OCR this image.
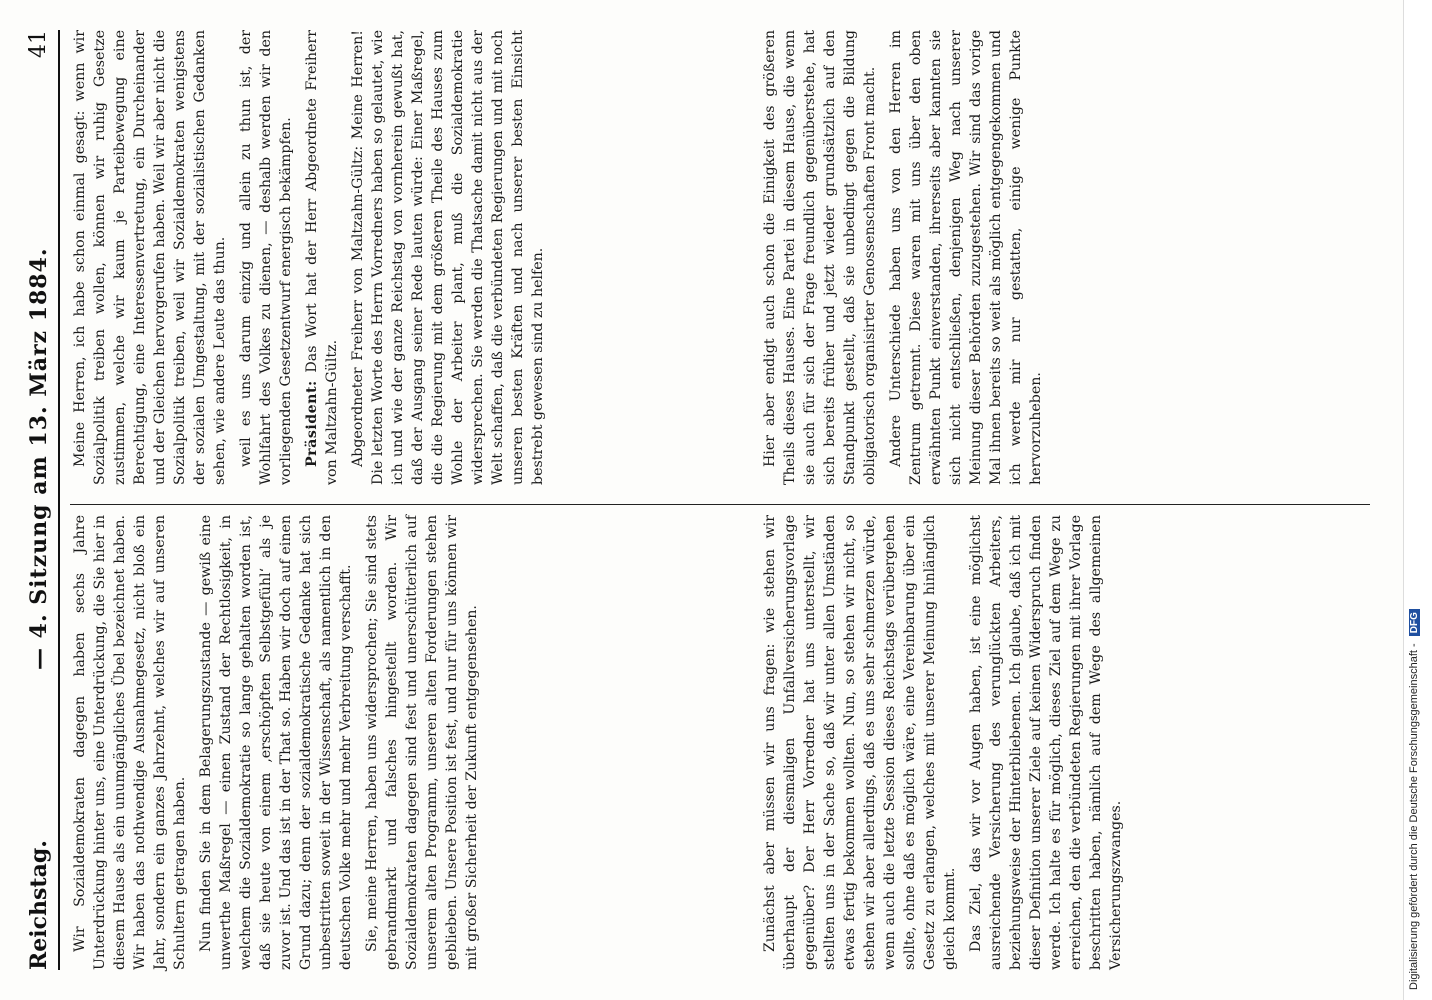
Reichstag.
— 4. Sitzung am 13. März 1884.
41

Wir Sozialdemokraten dagegen haben sechs Jahre Unterdrückung hinter uns, eine Unterdrückung, die Sie hier in diesem Hause als ein unumgängliches Übel bezeichnet haben. Wir haben das nothwendige Ausnahmegesetz, nicht bloß ein Jahr, sondern ein ganzes Jahrzehnt, welches wir auf unseren Schultern getragen haben. Nun finden Sie in dem Belagerungszustande — gewiß eine unwerthe Maßregel — einen Zustand der Rechtlosigkeit, in welchem die Sozialdemokratie so lange gehalten worden ist, daß sie heute von einem ‚erschöpften Selbstgefühl‘ als je zuvor ist. Und das ist in der That so. Haben wir doch auf einen Grund dazu; denn der sozialdemokratische Gedanke hat sich unbestritten soweit in der Wissenschaft, als namentlich in den deutschen Volke mehr und mehr Verbreitung verschafft. Sie, meine Herren, haben uns widersprochen; Sie sind stets gebrandmarkt und falsches hingestellt worden. Wir Sozialdemokraten dagegen sind fest und unerschütterlich auf unserem alten Programm, unseren alten Forderungen stehen geblieben. Unsere Position ist fest, und nur für uns können wir mit großer Sicherheit der Zukunft entgegensehen.

Meine Herren, ich habe schon einmal gesagt: wenn wir Sozialpolitik treiben wollen, können wir ruhig Gesetze zustimmen, welche wir kaum je Parteibewegung eine Berechtigung, eine Interessenvertretung, ein Durcheinander und der Gleichen hervorgerufen haben. Weil wir aber nicht die Sozialpolitik treiben, weil wir Sozialdemokraten wenigstens der sozialen Umgestaltung, mit der sozialistischen Gedanken sehen, wie andere Leute das thun. weil es uns darum einzig und allein zu thun ist, der Wohlfahrt des Volkes zu dienen, — deshalb werden wir den vorliegenden Gesetzentwurf energisch bekämpfen. Präsident: Das Wort hat der Herr Abgeordnete Freiherr von Maltzahn-Gültz. Abgeordneter Freiherr von Maltzahn-Gültz: Meine Herren! Die letzten Worte des Herrn Vorredners haben so gelautet, wie ich und wie der ganze Reichstag von vornherein gewußt hat, daß der Ausgang seiner Rede lauten würde: Einer Maßregel, die die Regierung mit dem größeren Theile des Hauses zum Wohle der Arbeiter plant, muß die Sozialdemokratie widersprechen. Sie werden die Thatsache damit nicht aus der Welt schaffen, daß die verbündeten Regierungen und mit noch unseren besten Kräften und nach unserer besten Einsicht bestrebt gewesen sind zu helfen.

Zunächst aber müssen wir uns fragen: wie stehen wir überhaupt der diesmaligen Unfallversicherungsvorlage gegenüber? Der Herr Vorredner hat uns unterstellt, wir stellten uns in der Sache so, daß wir unter allen Umständen etwas fertig bekommen wollten. Nun, so stehen wir nicht, so stehen wir aber allerdings, daß es uns sehr schmerzen würde, wenn auch die letzte Session dieses Reichstags verübergehen sollte, ohne daß es möglich wäre, eine Vereinbarung über ein Gesetz zu erlangen, welches mit unserer Meinung hinlänglich gleich kommt. Das Ziel, das wir vor Augen haben, ist eine möglichst ausreichende Versicherung des verunglückten Arbeiters, beziehungsweise der Hinterbliebenen. Ich glaube, daß ich mit dieser Definition unserer Ziele auf keinen Widerspruch finden werde. Ich halte es für möglich, dieses Ziel auf dem Wege zu erreichen, den die verbündeten Regierungen mit ihrer Vorlage beschritten haben, nämlich auf dem Wege des allgemeinen Versicherungszwanges.

Hier aber endigt auch schon die Einigkeit des größeren Theils dieses Hauses. Eine Partei in diesem Hause, die wenn sie auch für sich der Frage freundlich gegenüberstehe, hat sich bereits früher und jetzt wieder grundsätzlich auf den Standpunkt gestellt, daß sie unbedingt gegen die Bildung obligatorisch organisirter Genossenschaften Front macht. Andere Unterschiede haben uns von den Herren im Zentrum getrennt. Diese waren mit uns über den oben erwähnten Punkt einverstanden, ihrerseits aber kannten sie sich nicht entschließen, denjenigen Weg nach unserer Meinung dieser Behörden zuzugestehen. Wir sind das vorige Mal ihnen bereits so weit als möglich entgegengekommen und ich werde mir nur gestatten, einige wenige Punkte hervorzuheben.

Digitalisierung gefördert durch die Deutsche Forschungsgemeinschaft - DFG
